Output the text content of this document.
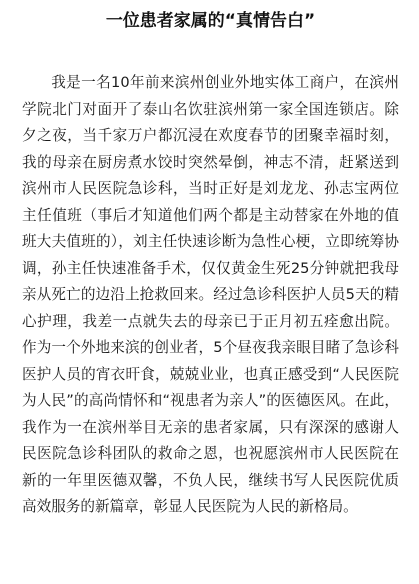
一位患者家属的“真情告白”

我是一名10年前来滨州创业外地实体工商户，在滨州学院北门对面开了泰山名饮驻滨州第一家全国连锁店。除夕之夜，当千家万户都沉浸在欢度春节的团聚幸福时刻，我的母亲在厨房煮水饺时突然晕倒，神志不清，赶紧送到滨州市人民医院急诊科，当时正好是刘龙龙、孙志宝两位主任值班（事后才知道他们两个都是主动替家在外地的值班大夫值班的），刘主任快速诊断为急性心梗，立即统筹协调，孙主任快速准备手术，仅仅黄金生死25分钟就把我母亲从死亡的边沿上抢救回来。经过急诊科医护人员5天的精心护理，我差一点就失去的母亲已于正月初五痊愈出院。作为一个外地来滨的创业者，5个昼夜我亲眼目睹了急诊科医护人员的宵衣旰食，兢兢业业，也真正感受到“人民医院为人民”的高尚情怀和“视患者为亲人”的医德医风。在此，我作为一在滨州举目无亲的患者家属，只有深深的感谢人民医院急诊科团队的救命之恩，也祝愿滨州市人民医院在新的一年里医德双馨，不负人民，继续书写人民医院优质高效服务的新篇章，彰显人民医院为人民的新格局。
